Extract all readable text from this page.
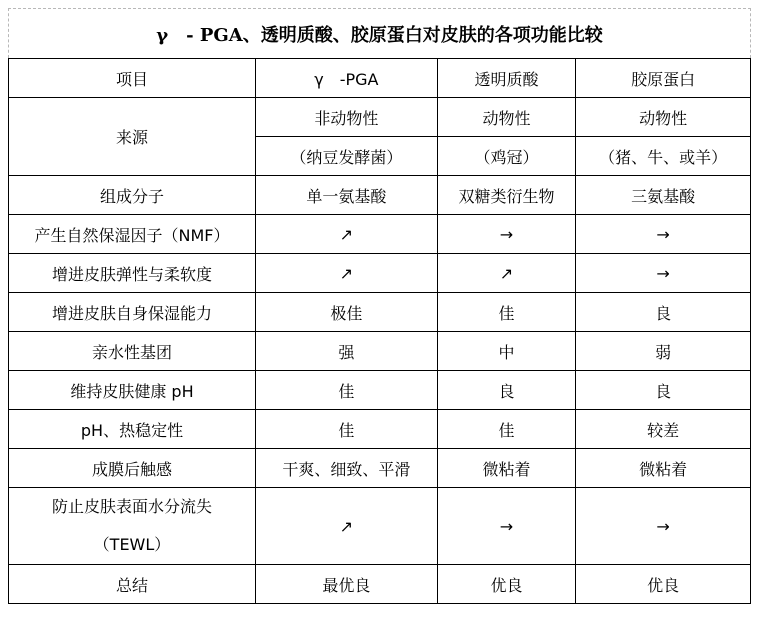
γ　- PGA、透明质酸、胶原蛋白对皮肤的各项功能比较
项目	γ　-PGA	透明质酸	胶原蛋白
来源	非动物性	动物性	动物性
	（纳豆发酵菌）	（鸡冠）	（猪、牛、或羊）
组成分子	单一氨基酸	双糖类衍生物	三氨基酸
产生自然保湿因子（NMF）	↗	→	→
增进皮肤弹性与柔软度	↗	↗	→
增进皮肤自身保湿能力	极佳	佳	良
亲水性基团	强	中	弱
维持皮肤健康 pH	佳	良	良
pH、热稳定性	佳	佳	较差
成膜后触感	干爽、细致、平滑	微粘着	微粘着

防止皮肤表面水分流失
（TEWL）	↗	→	→
总结	最优良	优良	优良
